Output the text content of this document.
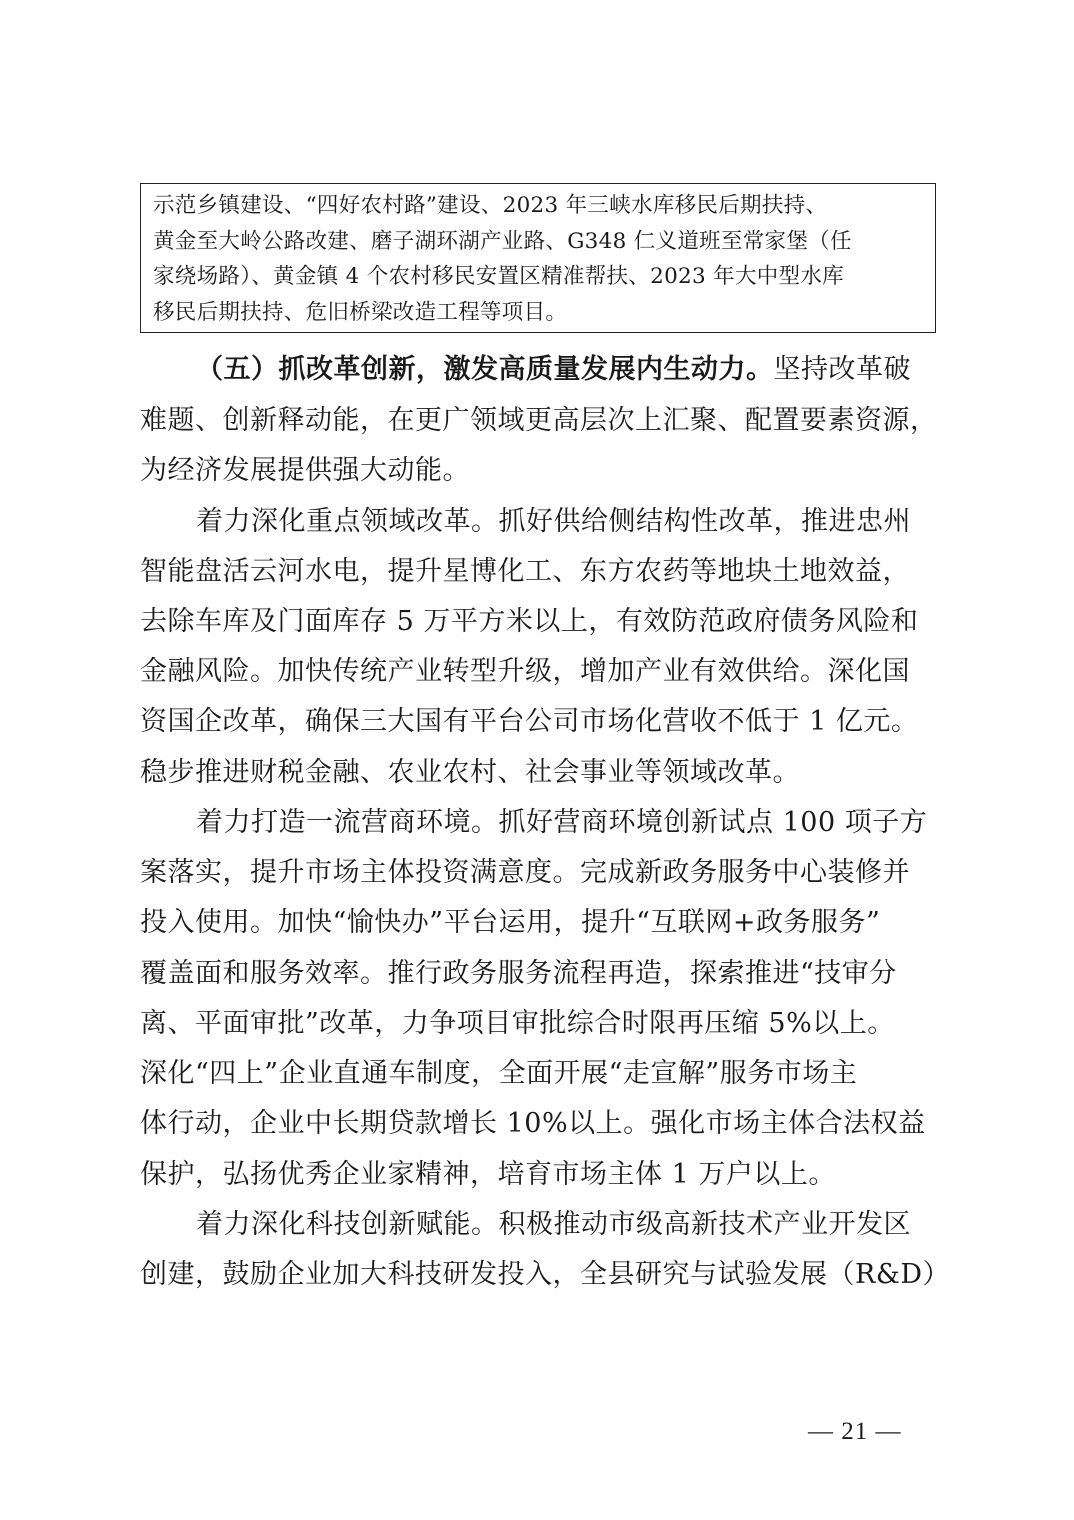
示范乡镇建设、“四好农村路”建设、2023 年三峡水库移民后期扶持、
黄金至大岭公路改建、磨子湖环湖产业路、G348 仁义道班至常家堡（任
家绕场路）、黄金镇 4 个农村移民安置区精准帮扶、2023 年大中型水库
移民后期扶持、危旧桥梁改造工程等项目。
（五）抓改革创新，激发高质量发展内生动力。坚持改革破
难题、创新释动能，在更广领域更高层次上汇聚、配置要素资源，
为经济发展提供强大动能。
着力深化重点领域改革。抓好供给侧结构性改革，推进忠州
智能盘活云河水电，提升星博化工、东方农药等地块土地效益，
去除车库及门面库存 5 万平方米以上，有效防范政府债务风险和
金融风险。加快传统产业转型升级，增加产业有效供给。深化国
资国企改革，确保三大国有平台公司市场化营收不低于 1 亿元。
稳步推进财税金融、农业农村、社会事业等领域改革。
着力打造一流营商环境。抓好营商环境创新试点 100 项子方
案落实，提升市场主体投资满意度。完成新政务服务中心装修并
投入使用。加快“愉快办”平台运用，提升“互联网+政务服务”
覆盖面和服务效率。推行政务服务流程再造，探索推进“技审分
离、平面审批”改革，力争项目审批综合时限再压缩 5%以上。
深化“四上”企业直通车制度，全面开展“走宣解”服务市场主
体行动，企业中长期贷款增长 10%以上。强化市场主体合法权益
保护，弘扬优秀企业家精神，培育市场主体 1 万户以上。
着力深化科技创新赋能。积极推动市级高新技术产业开发区
创建，鼓励企业加大科技研发投入，全县研究与试验发展（R&D）
— 21 —
